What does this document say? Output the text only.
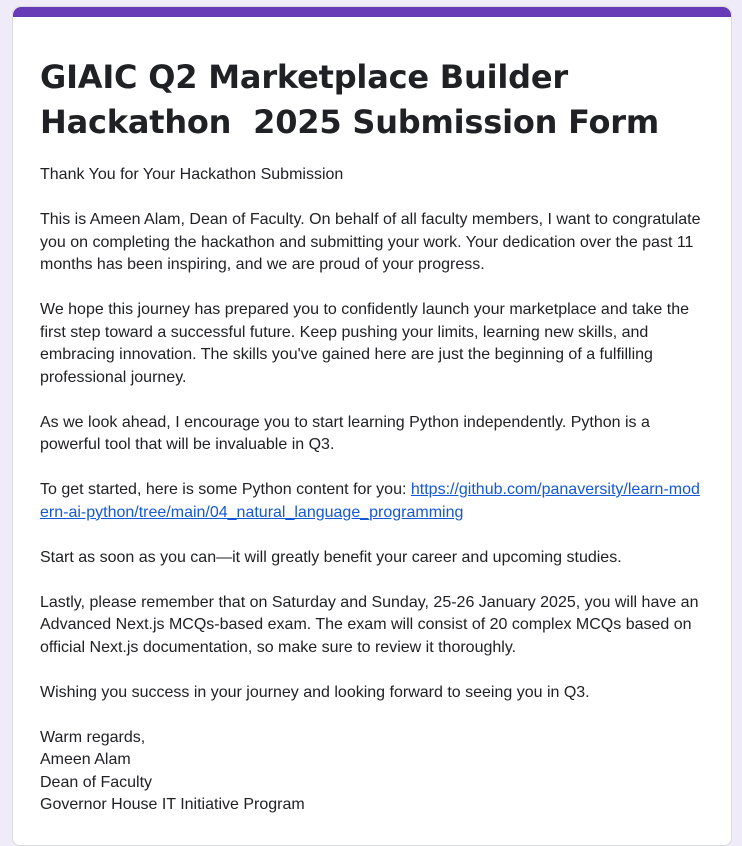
GIAIC Q2 Marketplace Builder Hackathon  2025 Submission Form

Thank You for Your Hackathon Submission

This is Ameen Alam, Dean of Faculty. On behalf of all faculty members, I want to congratulate you on completing the hackathon and submitting your work. Your dedication over the past 11 months has been inspiring, and we are proud of your progress.

We hope this journey has prepared you to confidently launch your marketplace and take the first step toward a successful future. Keep pushing your limits, learning new skills, and embracing innovation. The skills you've gained here are just the beginning of a fulfilling professional journey.

As we look ahead, I encourage you to start learning Python independently. Python is a powerful tool that will be invaluable in Q3.

To get started, here is some Python content for you: https://github.com/panaversity/learn-modern-ai-python/tree/main/04_natural_language_programming

Start as soon as you can—it will greatly benefit your career and upcoming studies.

Lastly, please remember that on Saturday and Sunday, 25-26 January 2025, you will have an Advanced Next.js MCQs-based exam. The exam will consist of 20 complex MCQs based on official Next.js documentation, so make sure to review it thoroughly.

Wishing you success in your journey and looking forward to seeing you in Q3.

Warm regards,
Ameen Alam
Dean of Faculty
Governor House IT Initiative Program
